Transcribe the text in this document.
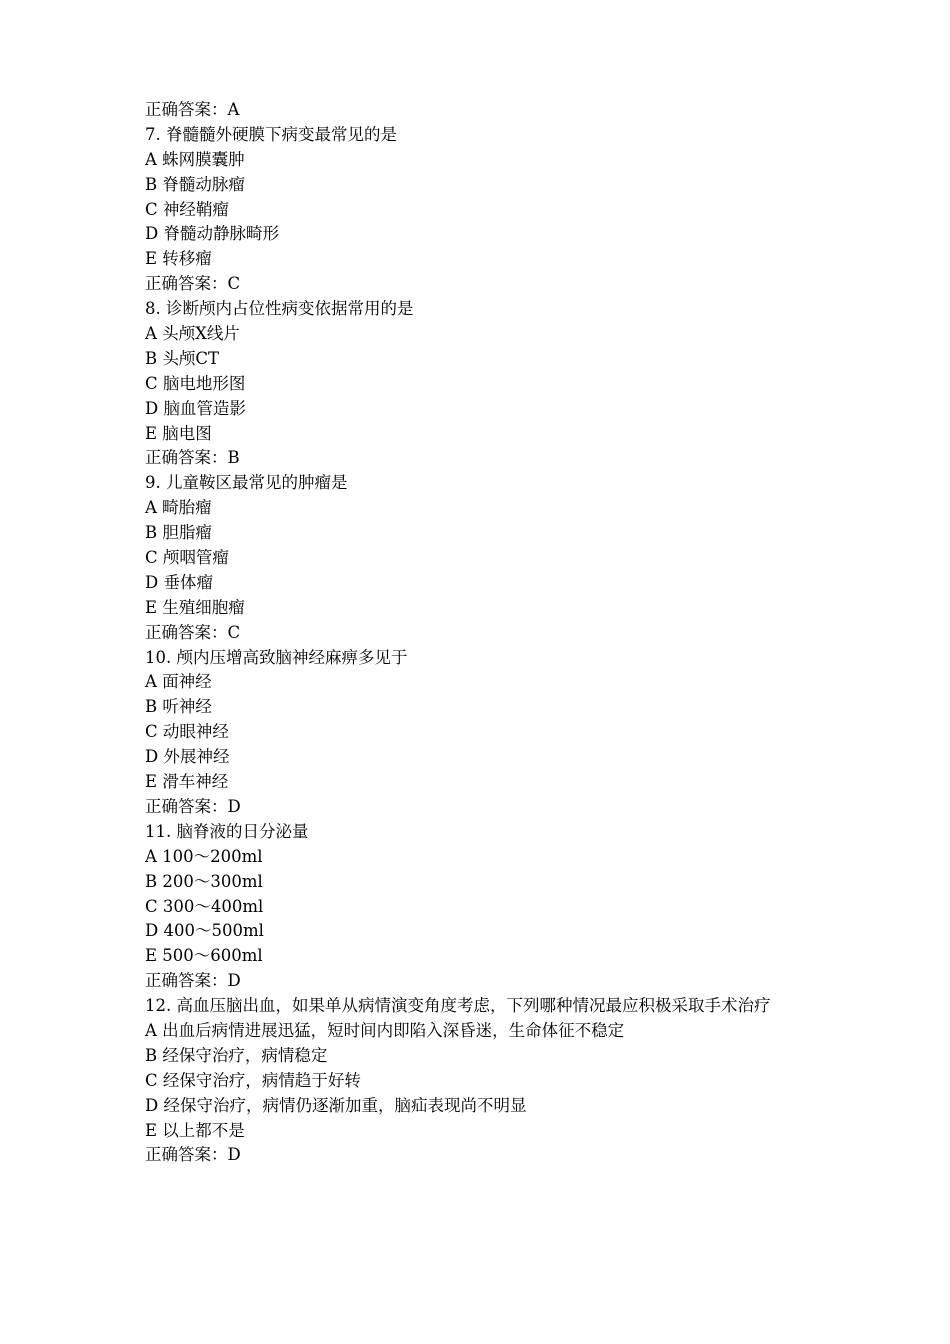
正确答案：A
7. 脊髓髓外硬膜下病变最常见的是
A 蛛网膜囊肿
B 脊髓动脉瘤
C 神经鞘瘤
D 脊髓动静脉畸形
E 转移瘤
正确答案：C
8. 诊断颅内占位性病变依据常用的是
A 头颅X线片
B 头颅CT
C 脑电地形图
D 脑血管造影
E 脑电图
正确答案：B
9. 儿童鞍区最常见的肿瘤是
A 畸胎瘤
B 胆脂瘤
C 颅咽管瘤
D 垂体瘤
E 生殖细胞瘤
正确答案：C
10. 颅内压增高致脑神经麻痹多见于
A 面神经
B 听神经
C 动眼神经
D 外展神经
E 滑车神经
正确答案：D
11. 脑脊液的日分泌量
A 100～200ml
B 200～300ml
C 300～400ml
D 400～500ml
E 500～600ml
正确答案：D
12. 高血压脑出血，如果单从病情演变角度考虑，下列哪种情况最应积极采取手术治疗
A 出血后病情进展迅猛，短时间内即陷入深昏迷，生命体征不稳定
B 经保守治疗，病情稳定
C 经保守治疗，病情趋于好转
D 经保守治疗，病情仍逐渐加重，脑疝表现尚不明显
E 以上都不是
正确答案：D
